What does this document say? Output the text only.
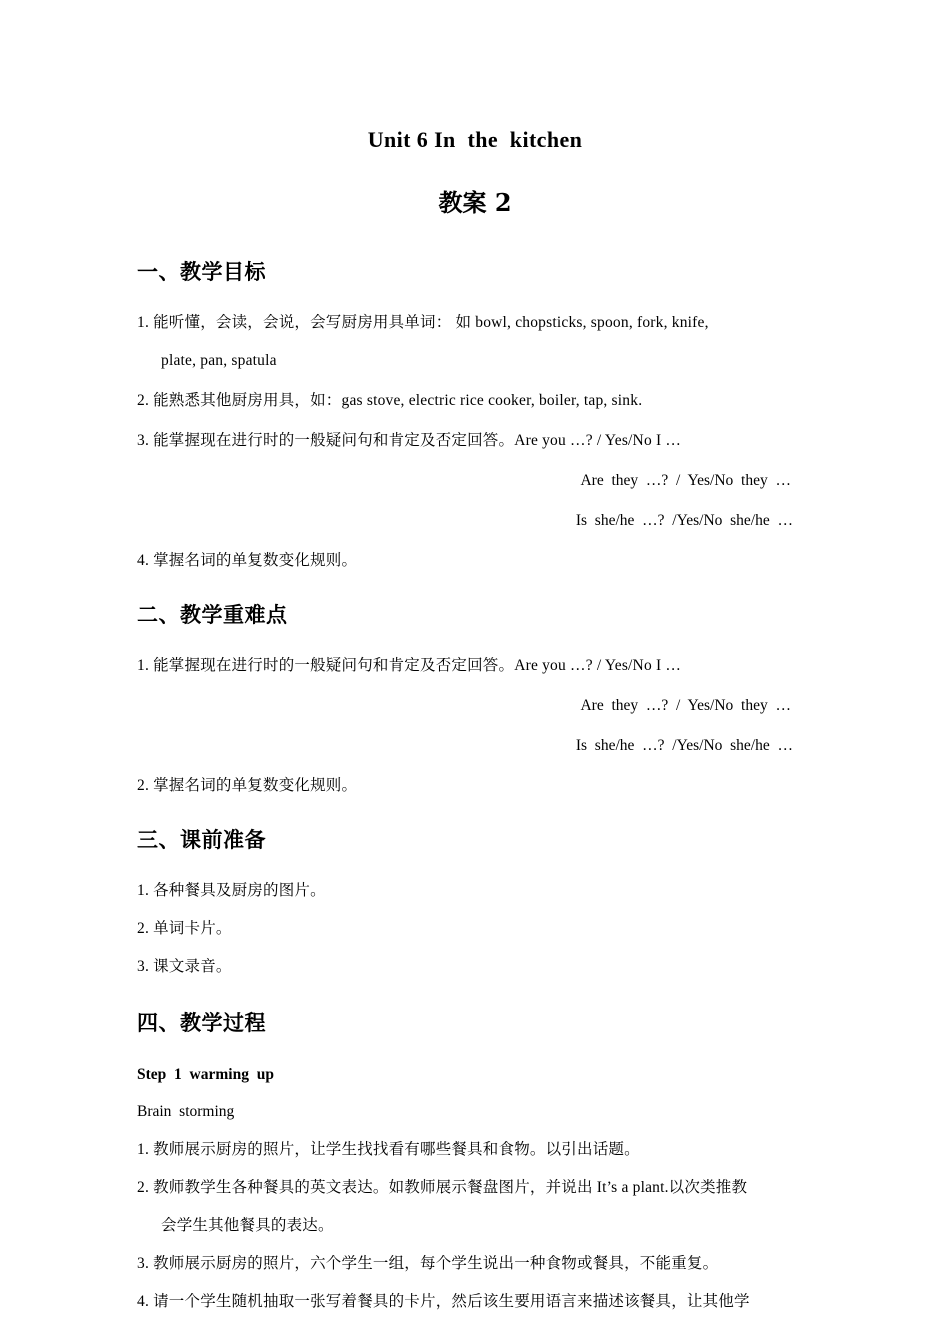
Unit 6 In  the  kitchen
教案 2
一、教学目标

1. 能听懂，会读，会说，会写厨房用具单词： 如 bowl, chopsticks, spoon, fork, knife,

plate, pan, spatula

2. 能熟悉其他厨房用具，如：gas stove, electric rice cooker, boiler, tap, sink.

3. 能掌握现在进行时的一般疑问句和肯定及否定回答。Are you …? / Yes/No I …

Are  they  …?  /  Yes/No  they  …

Is  she/he  …?  /Yes/No  she/he  …

4. 掌握名词的单复数变化规则。

二、教学重难点

1. 能掌握现在进行时的一般疑问句和肯定及否定回答。Are you …? / Yes/No I …

Are  they  …?  /  Yes/No  they  …

Is  she/he  …?  /Yes/No  she/he  …

2. 掌握名词的单复数变化规则。

三、课前准备

1. 各种餐具及厨房的图片。

2. 单词卡片。

3. 课文录音。

四、教学过程

Step  1  warming  up

Brain  storming

1. 教师展示厨房的照片，让学生找找看有哪些餐具和食物。以引出话题。

2. 教师教学生各种餐具的英文表达。如教师展示餐盘图片，并说出 It’s a plant.以次类推教

会学生其他餐具的表达。

3. 教师展示厨房的照片，六个学生一组，每个学生说出一种食物或餐具，不能重复。

4. 请一个学生随机抽取一张写着餐具的卡片，然后该生要用语言来描述该餐具，让其他学
